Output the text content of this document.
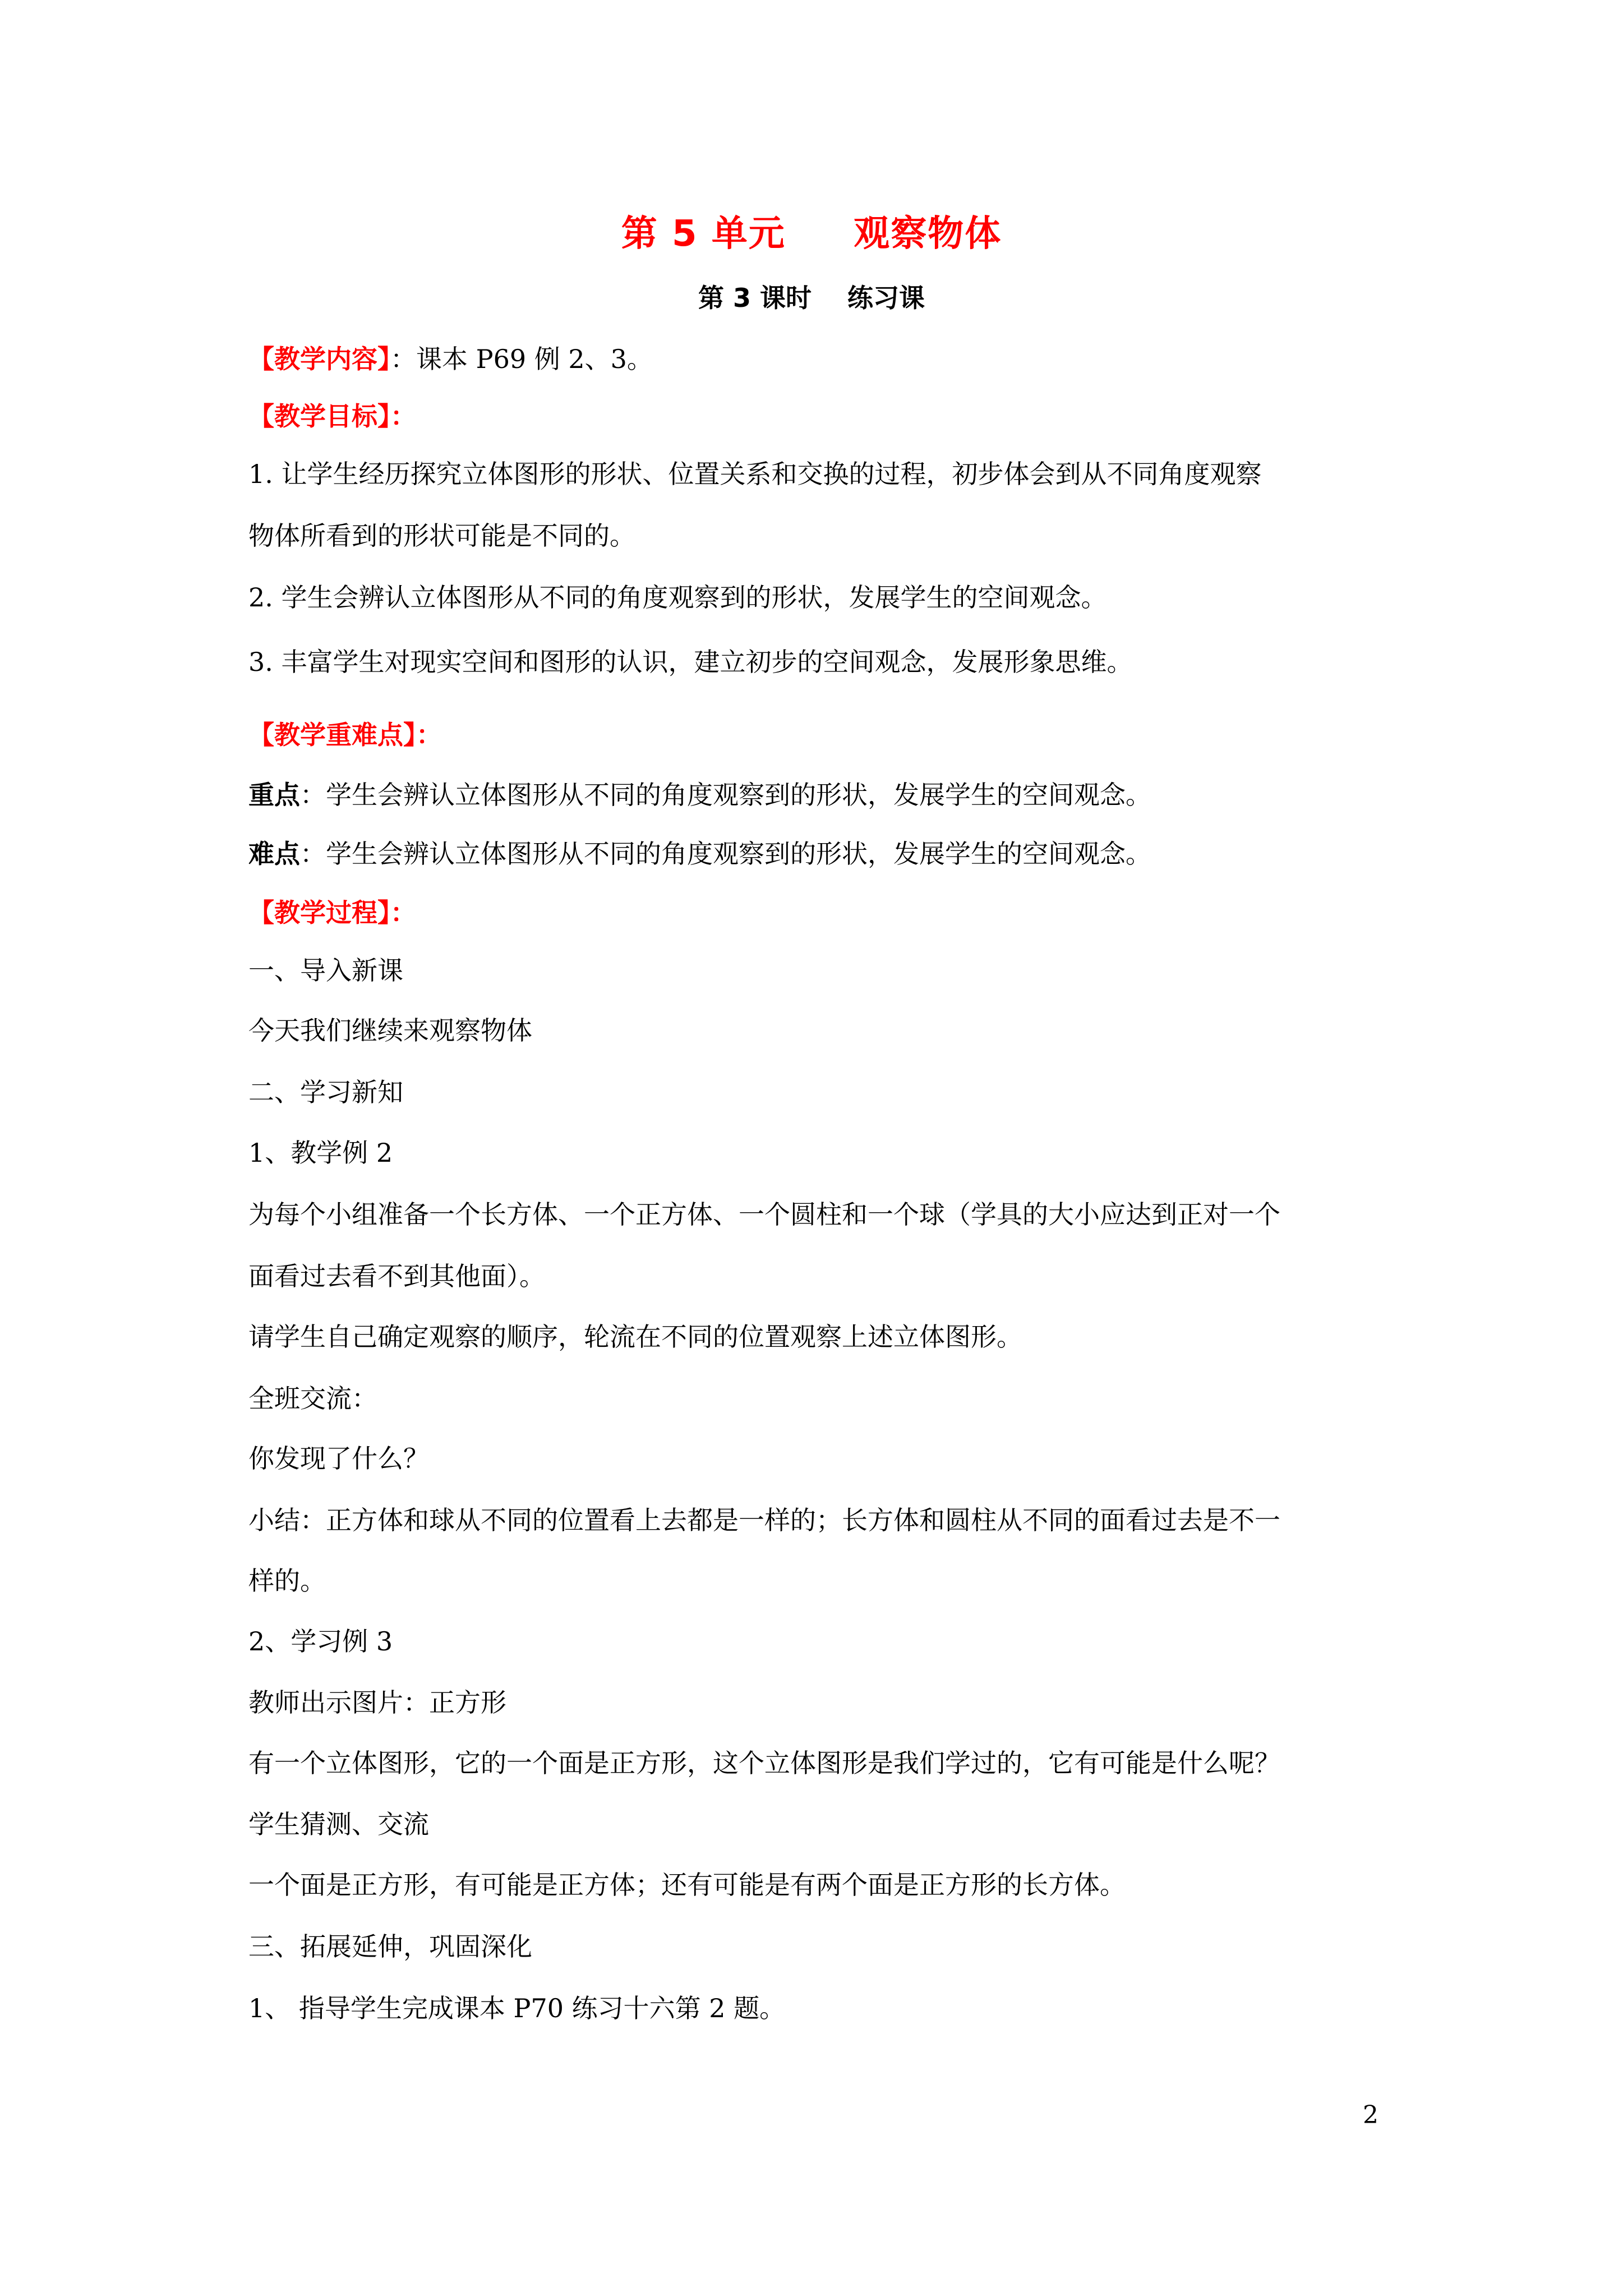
第 5 单元     观察物体
第 3 课时    练习课
【教学内容】：课本 P69 例 2、3。
【教学目标】：
1. 让学生经历探究立体图形的形状、位置关系和交换的过程，初步体会到从不同角度观察
物体所看到的形状可能是不同的。
2. 学生会辨认立体图形从不同的角度观察到的形状，发展学生的空间观念。
3. 丰富学生对现实空间和图形的认识，建立初步的空间观念，发展形象思维。
【教学重难点】：
重点：学生会辨认立体图形从不同的角度观察到的形状，发展学生的空间观念。
难点：学生会辨认立体图形从不同的角度观察到的形状，发展学生的空间观念。
【教学过程】：
一、导入新课
今天我们继续来观察物体
二、学习新知
1、教学例 2
为每个小组准备一个长方体、一个正方体、一个圆柱和一个球（学具的大小应达到正对一个
面看过去看不到其他面）。
请学生自己确定观察的顺序，轮流在不同的位置观察上述立体图形。
全班交流：
你发现了什么？
小结：正方体和球从不同的位置看上去都是一样的；长方体和圆柱从不同的面看过去是不一
样的。
2、学习例 3
教师出示图片：正方形
有一个立体图形，它的一个面是正方形，这个立体图形是我们学过的，它有可能是什么呢？
学生猜测、交流
一个面是正方形，有可能是正方体；还有可能是有两个面是正方形的长方体。
三、拓展延伸，巩固深化
1、 指导学生完成课本 P70 练习十六第 2 题。
2
